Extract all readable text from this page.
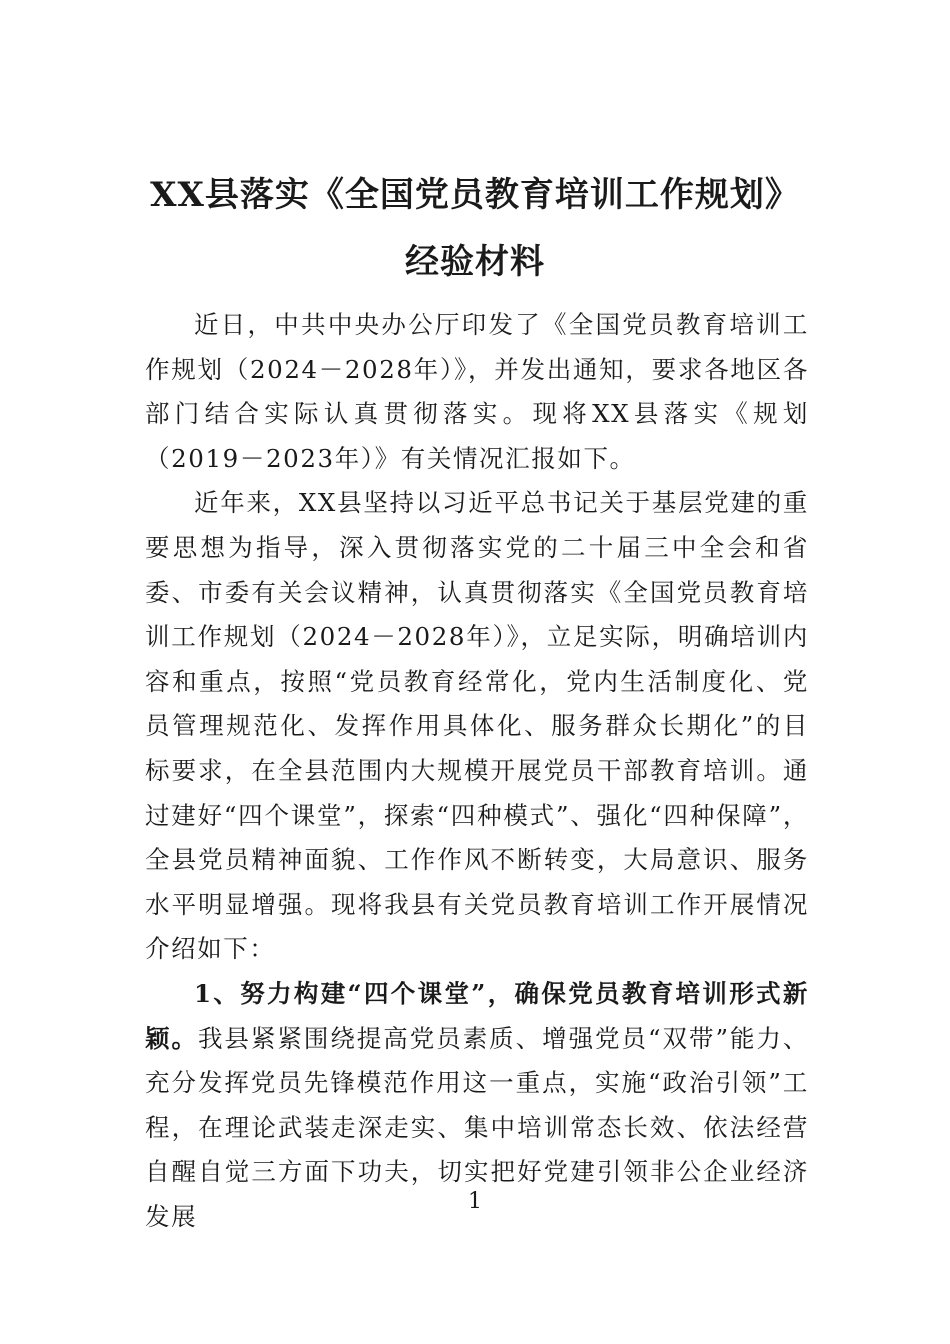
XX县落实《全国党员教育培训工作规划》
经验材料

近日，中共中央办公厅印发了《全国党员教育培训工作规划（2024－2028年）》，并发出通知，要求各地区各部门结合实际认真贯彻落实。现将XX县落实《规划（2019－2023年）》有关情况汇报如下。

近年来，XX县坚持以习近平总书记关于基层党建的重要思想为指导，深入贯彻落实党的二十届三中全会和省委、市委有关会议精神，认真贯彻落实《全国党员教育培训工作规划（2024－2028年）》，立足实际，明确培训内容和重点，按照“党员教育经常化，党内生活制度化、党员管理规范化、发挥作用具体化、服务群众长期化”的目标要求，在全县范围内大规模开展党员干部教育培训。通过建好“四个课堂”，探索“四种模式”、强化“四种保障”，全县党员精神面貌、工作作风不断转变，大局意识、服务水平明显增强。现将我县有关党员教育培训工作开展情况介绍如下：

1、努力构建“四个课堂”，确保党员教育培训形式新颖。我县紧紧围绕提高党员素质、增强党员“双带”能力、充分发挥党员先锋模范作用这一重点，实施“政治引领”工程，在理论武装走深走实、集中培训常态长效、依法经营自醒自觉三方面下功夫，切实把好党建引领非公企业经济发展

1
